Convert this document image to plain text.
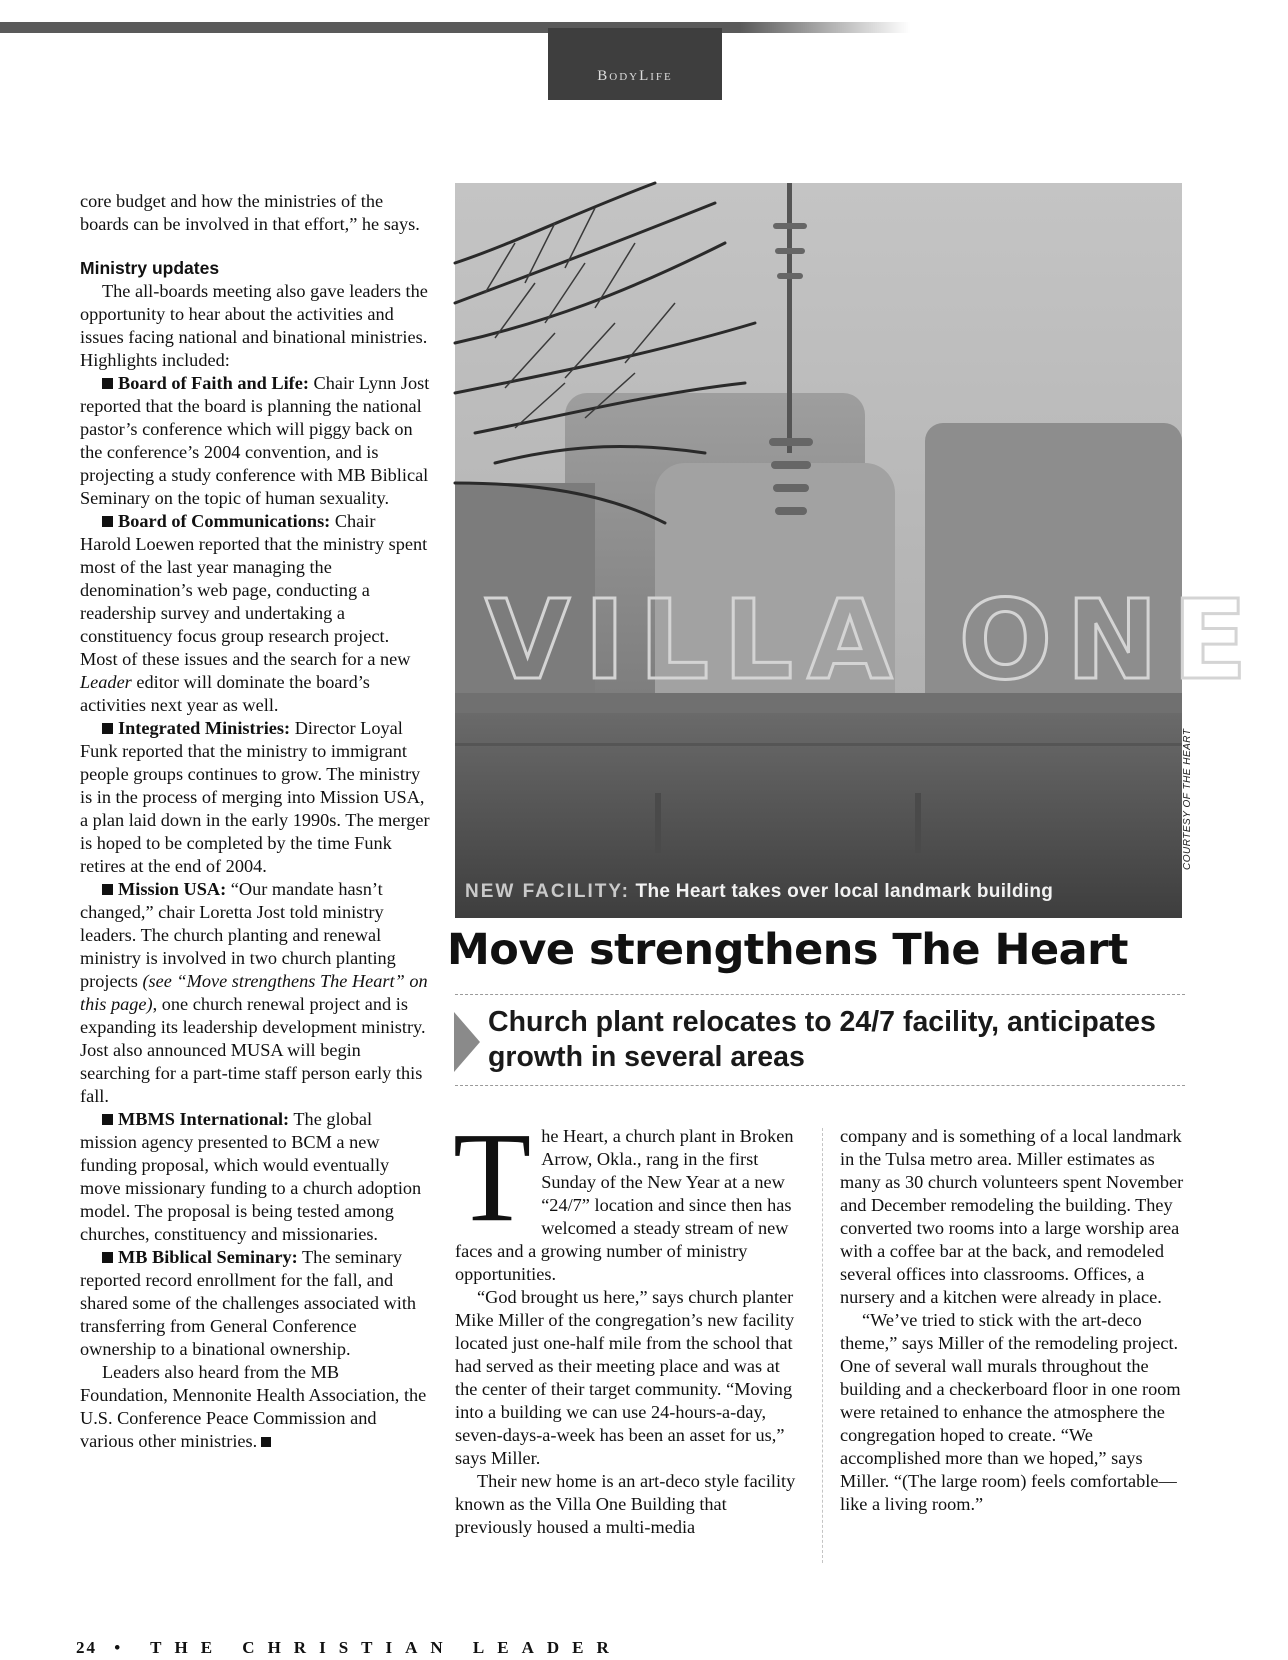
BodyLife

core budget and how the ministries of the boards can be involved in that effort,” he says.

Ministry updates

The all-boards meeting also gave leaders the opportunity to hear about the activities and issues facing national and binational ministries. Highlights included:

Board of Faith and Life: Chair Lynn Jost reported that the board is planning the national pastor’s conference which will piggy back on the conference’s 2004 convention, and is projecting a study conference with MB Biblical Seminary on the topic of human sexuality.

Board of Communications: Chair Harold Loewen reported that the ministry spent most of the last year managing the denomination’s web page, conducting a readership survey and undertaking a constituency focus group research project. Most of these issues and the search for a new Leader editor will dominate the board’s activities next year as well.

Integrated Ministries: Director Loyal Funk reported that the ministry to immigrant people groups continues to grow. The ministry is in the process of merging into Mission USA, a plan laid down in the early 1990s. The merger is hoped to be completed by the time Funk retires at the end of 2004.

Mission USA: “Our mandate hasn’t changed,” chair Loretta Jost told ministry leaders. The church planting and renewal ministry is involved in two church planting projects (see “Move strengthens The Heart” on this page), one church renewal project and is expanding its leadership development ministry. Jost also announced MUSA will begin searching for a part-time staff person early this fall.

MBMS International: The global mission agency presented to BCM a new funding proposal, which would eventually move missionary funding to a church adoption model. The proposal is being tested among churches, constituency and missionaries.

MB Biblical Seminary: The seminary reported record enrollment for the fall, and shared some of the challenges associated with transferring from General Conference ownership to a binational ownership.

Leaders also heard from the MB Foundation, Mennonite Health Association, the U.S. Conference Peace Commission and various other ministries.

VILLA ONE
NEW FACILITY: The Heart takes over local landmark building
COURTESY OF THE HEART
Move strengthens The Heart
Church plant relocates to 24/7 facility, anticipates growth in several areas

The Heart, a church plant in Broken Arrow, Okla., rang in the first Sunday of the New Year at a new “24/7” location and since then has welcomed a steady stream of new faces and a growing number of ministry opportunities.

“God brought us here,” says church planter Mike Miller of the congregation’s new facility located just one-half mile from the school that had served as their meeting place and was at the center of their target community. “Moving into a building we can use 24-hours-a-day, seven-days-a-week has been an asset for us,” says Miller.

Their new home is an art-deco style facility known as the Villa One Building that previously housed a multi-media

company and is something of a local landmark in the Tulsa metro area. Miller estimates as many as 30 church volunteers spent November and December remodeling the building. They converted two rooms into a large worship area with a coffee bar at the back, and remodeled several offices into classrooms. Offices, a nursery and a kitchen were already in place.

“We’ve tried to stick with the art-deco theme,” says Miller of the remodeling project. One of several wall murals throughout the building and a checkerboard floor in one room were retained to enhance the atmosphere the congregation hoped to create. “We accomplished more than we hoped,” says Miller. “(The large room) feels comfortable—like a living room.”

24 • THE CHRISTIAN LEADER
